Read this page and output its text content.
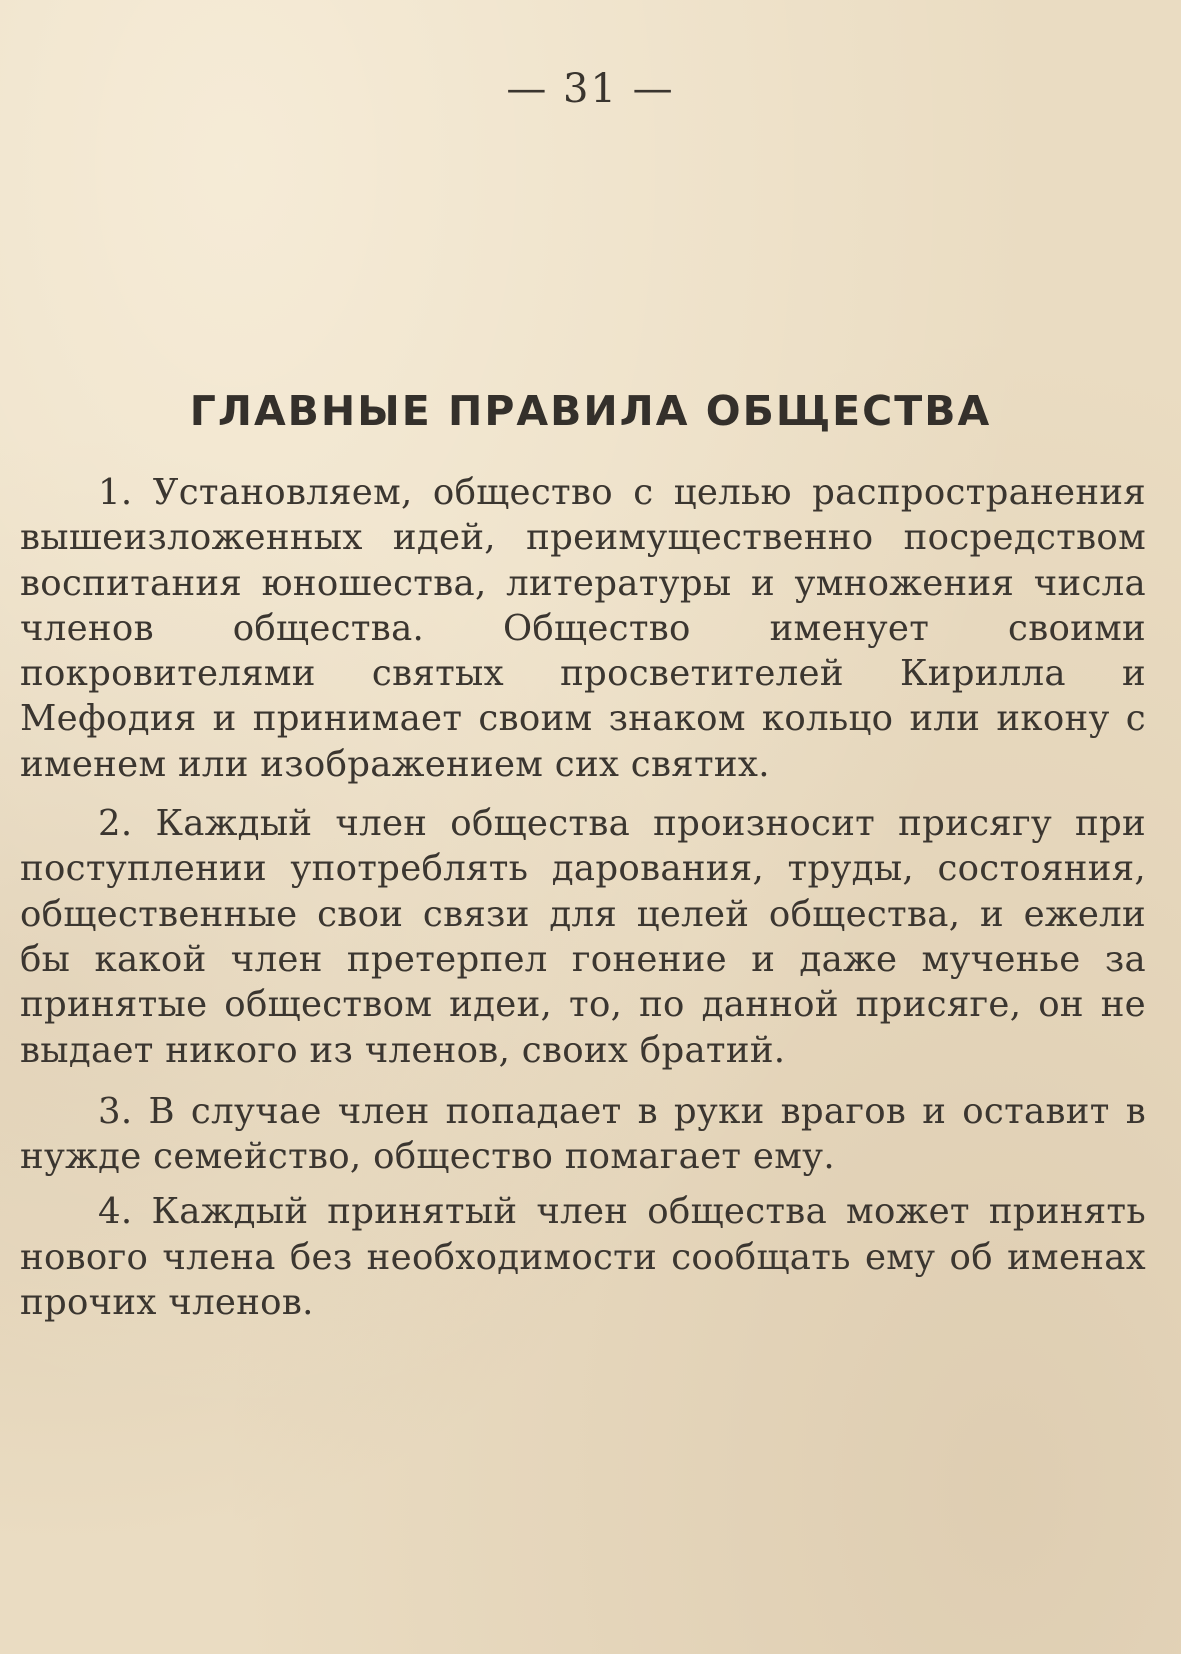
— 31 —
ГЛАВНЫЕ ПРАВИЛА ОБЩЕСТВА

1. Установляем, общество с целью распространения вышеизложенных идей, преимущественно посредством воспитания юношества, литературы и умножения числа членов общества. Общество именует своими покровителями святых просветителей Кирилла и Мефодия и принимает своим знаком кольцо или икону с именем или изображением сих святих.

2. Каждый член общества произносит присягу при поступлении употреблять дарования, труды, состояния, общественные свои связи для целей общества, и ежели бы какой член претерпел гонение и даже мученье за принятые обществом идеи, то, по данной присяге, он не выдает никого из членов, своих братий.

3. В случае член попадает в руки врагов и оставит в нужде семейство, общество помагает ему.

4. Каждый принятый член общества может принять нового члена без необходимости сообщать ему об именах прочих членов.
